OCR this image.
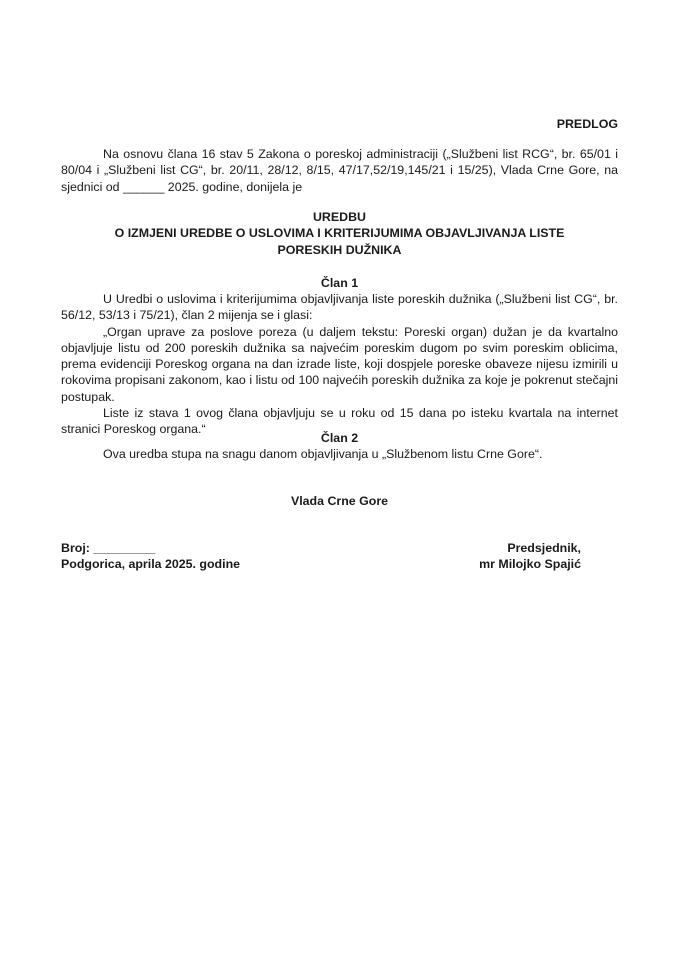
PREDLOG
Na osnovu člana 16 stav 5 Zakona o poreskoj administraciji („Službeni list RCG“, br. 65/01 i 80/04 i „Službeni list CG“, br. 20/11, 28/12, 8/15, 47/17,52/19,145/21 i 15/25), Vlada Crne Gore, na sjednici od ______ 2025. godine, donijela je
UREDBU
O IZMJENI UREDBE O USLOVIMA I KRITERIJUMIMA OBJAVLJIVANJA LISTE
PORESKIH DUŽNIKA
Član 1
U Uredbi o uslovima i kriterijumima objavljivanja liste poreskih dužnika („Službeni list CG“, br. 56/12, 53/13 i 75/21), član 2 mijenja se i glasi:
„Organ uprave za poslove poreza (u daljem tekstu: Poreski organ) dužan je da kvartalno objavljuje listu od 200 poreskih dužnika sa najvećim poreskim dugom po svim poreskim oblicima, prema evidenciji Poreskog organa na dan izrade liste, koji dospjele poreske obaveze nijesu izmirili u rokovima propisani zakonom, kao i listu od 100 najvećih poreskih dužnika za koje je pokrenut stečajni postupak.
Liste iz stava 1 ovog člana objavljuju se u roku od 15 dana po isteku kvartala na internet stranici Poreskog organa.“
Član 2
Ova uredba stupa na snagu danom objavljivanja u „Službenom listu Crne Gore“.
Vlada Crne Gore
Broj: _________
Podgorica, aprila 2025. godine
Predsjednik,
mr Milojko Spajić
